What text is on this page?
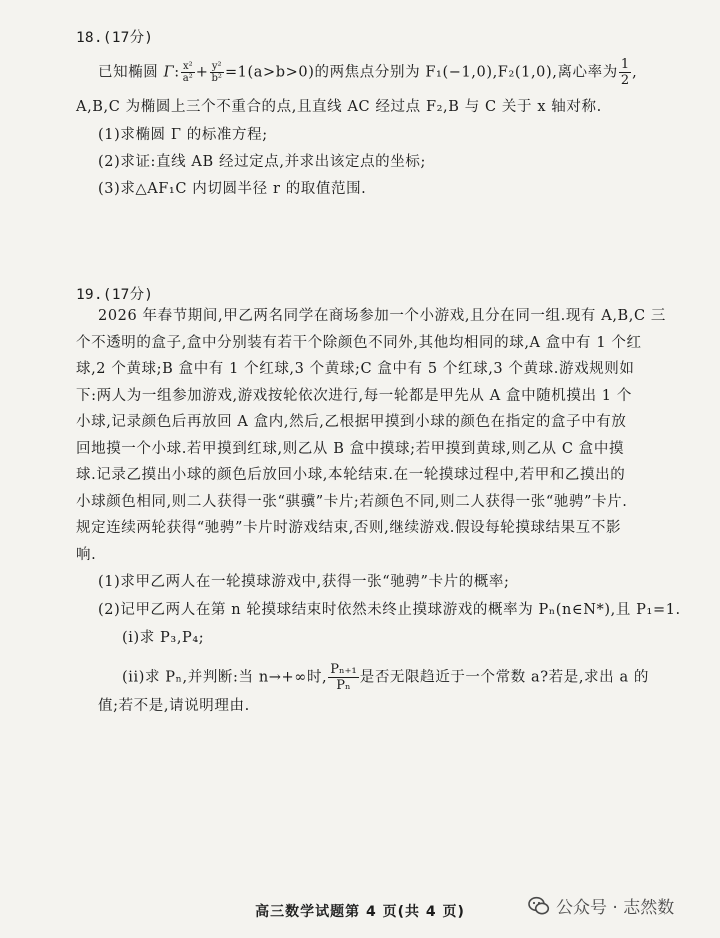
18.(17分)
已知椭圆 Γ: $\frac{\text{x²}}{\text{a²}} + \frac{\text{y²}}{\text{b²}} =1(a>b>0)$的两焦点分别为 F₁(−1,0),F₂(1,0),离心率为 $\frac{1}{2}$ ,
A,B,C 为椭圆上三个不重合的点,且直线 AC 经过点 F₂,B 与 C 关于 x 轴对称.
(1)求椭圆 Γ 的标准方程;
(2)求证:直线 AB 经过定点,并求出该定点的坐标;
(3)求△AF₁C 内切圆半径 r 的取值范围.
19.(17分)
2026 年春节期间,甲乙两名同学在商场参加一个小游戏,且分在同一组.现有 A,B,C 三
个不透明的盒子,盒中分别装有若干个除颜色不同外,其他均相同的球,A 盒中有 1 个红
球,2 个黄球;B 盒中有 1 个红球,3 个黄球;C 盒中有 5 个红球,3 个黄球.游戏规则如
下:两人为一组参加游戏,游戏按轮依次进行,每一轮都是甲先从 A 盒中随机摸出 1 个
小球,记录颜色后再放回 A 盒内,然后,乙根据甲摸到小球的颜色在指定的盒子中有放
回地摸一个小球.若甲摸到红球,则乙从 B 盒中摸球;若甲摸到黄球,则乙从 C 盒中摸
球.记录乙摸出小球的颜色后放回小球,本轮结束.在一轮摸球过程中,若甲和乙摸出的
小球颜色相同,则二人获得一张“骐骥”卡片;若颜色不同,则二人获得一张“驰骋”卡片.
规定连续两轮获得“驰骋”卡片时游戏结束,否则,继续游戏.假设每轮摸球结果互不影
响.
(1)求甲乙两人在一轮摸球游戏中,获得一张“驰骋”卡片的概率;
(2)记甲乙两人在第 n 轮摸球结束时依然未终止摸球游戏的概率为 Pₙ(n∈N*),且 P₁=1.
(i)求 P₃,P₄;
(ii)求 Pₙ,并判断:当 n→+∞时, $\frac{\text{Pₙ₊₁}}{\text{Pₙ}}$ 是否无限趋近于一个常数 a?若是,求出 a 的
值;若不是,请说明理由.
高三数学试题第 4 页(共 4 页)	公众号 · 志然数
